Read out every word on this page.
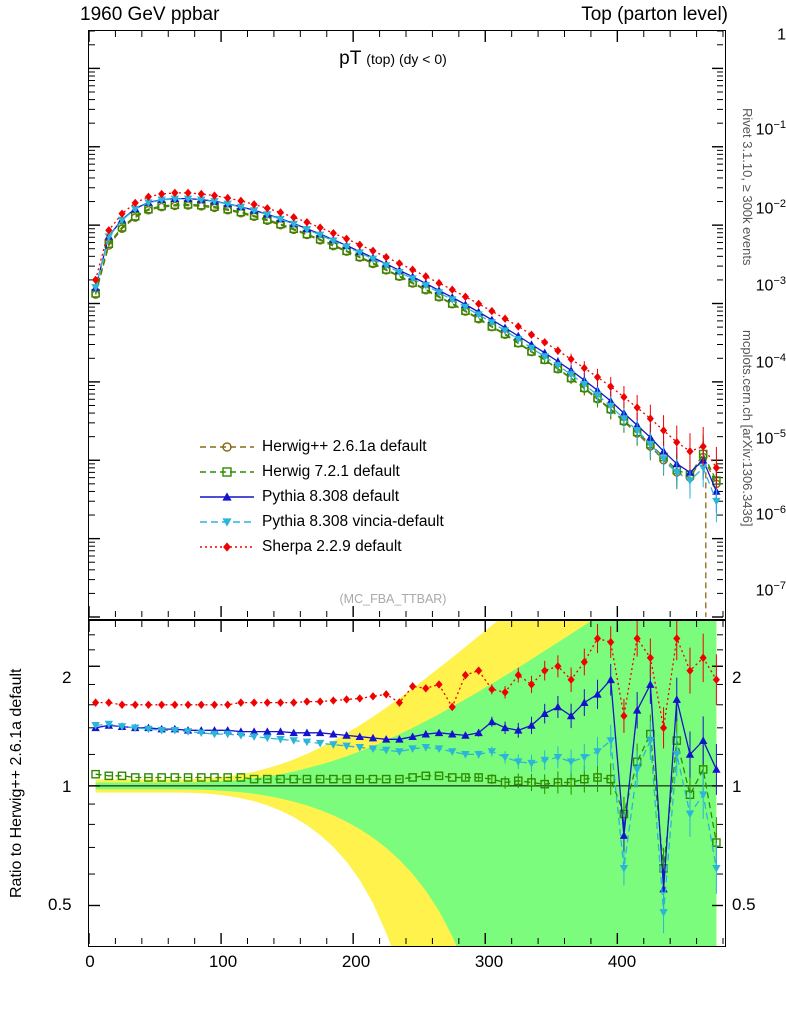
1960 GeV ppbar	Top (parton level)
Rivet 3.1.10, ≥ 300k events
mcplots.cern.ch [arXiv:1306.3436]
pT (top) (dy < 0)
(MC_FBA_TTBAR)
1
$10^{-1}$
$10^{-2}$
$10^{-3}$
$10^{-4}$
$10^{-5}$
$10^{-6}$
$10^{-7}$
Herwig++ 2.6.1a default
Herwig 7.2.1 default
Pythia 8.308 default
Pythia 8.308 vincia-default
Sherpa 2.2.9 default
Ratio to Herwig++ 2.6.1a default 2
1
0.5
2
1
0.5
0	100	200	300	400
